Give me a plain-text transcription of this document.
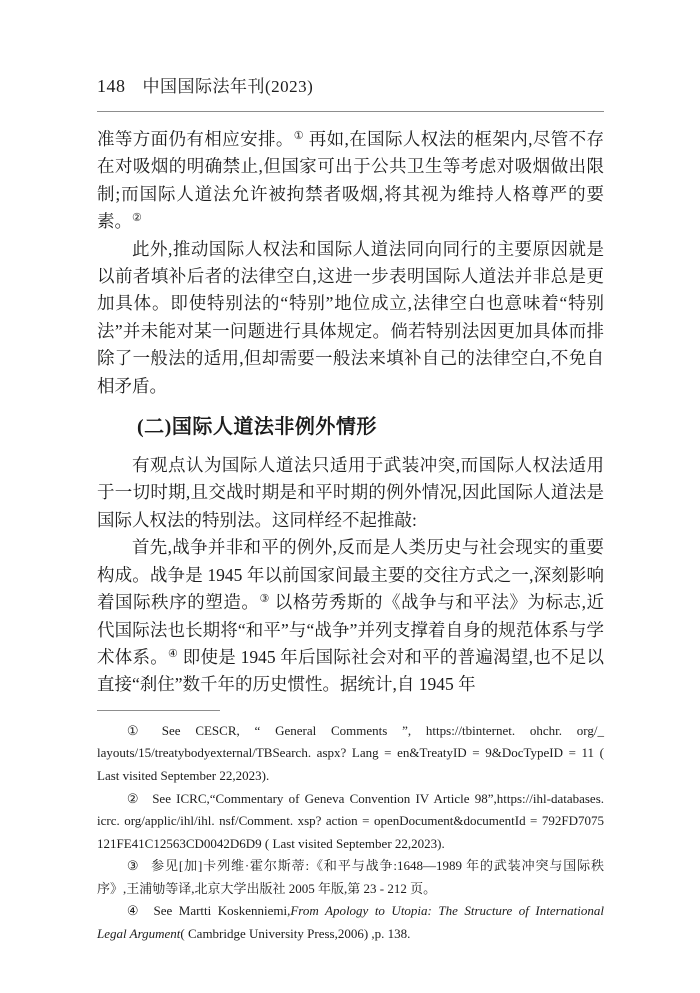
148 中国国际法年刊(2023)

准等方面仍有相应安排。① 再如,在国际人权法的框架内,尽管不存在对吸烟的明确禁止,但国家可出于公共卫生等考虑对吸烟做出限制;而国际人道法允许被拘禁者吸烟,将其视为维持人格尊严的要素。②

此外,推动国际人权法和国际人道法同向同行的主要原因就是以前者填补后者的法律空白,这进一步表明国际人道法并非总是更加具体。即使特别法的“特别”地位成立,法律空白也意味着“特别法”并未能对某一问题进行具体规定。倘若特别法因更加具体而排除了一般法的适用,但却需要一般法来填补自己的法律空白,不免自相矛盾。

(二)国际人道法非例外情形

有观点认为国际人道法只适用于武装冲突,而国际人权法适用于一切时期,且交战时期是和平时期的例外情况,因此国际人道法是国际人权法的特别法。这同样经不起推敲:

首先,战争并非和平的例外,反而是人类历史与社会现实的重要构成。战争是 1945 年以前国家间最主要的交往方式之一,深刻影响着国际秩序的塑造。③ 以格劳秀斯的《战争与和平法》为标志,近代国际法也长期将“和平”与“战争”并列支撑着自身的规范体系与学术体系。④ 即使是 1945 年后国际社会对和平的普遍渴望,也不足以直接“刹住”数千年的历史惯性。据统计,自 1945 年

① See CESCR, “ General Comments ”, https://tbinternet. ohchr. org/_ layouts/15/treatybodyexternal/TBSearch. aspx? Lang = en&TreatyID = 9&DocTypeID = 11 ( Last visited September 22,2023).

② See ICRC,“Commentary of Geneva Convention IV Article 98”,https://ihl-databases. icrc. org/applic/ihl/ihl. nsf/Comment. xsp? action = openDocument&documentId = 792FD7075 121FE41C12563CD0042D6D9 ( Last visited September 22,2023).

③ 参见[加]卡列维·霍尔斯蒂:《和平与战争:1648—1989 年的武装冲突与国际秩序》,王浦劬等译,北京大学出版社 2005 年版,第 23 - 212 页。

④ See Martti Koskenniemi,From Apology to Utopia: The Structure of International Legal Argument( Cambridge University Press,2006) ,p. 138.
